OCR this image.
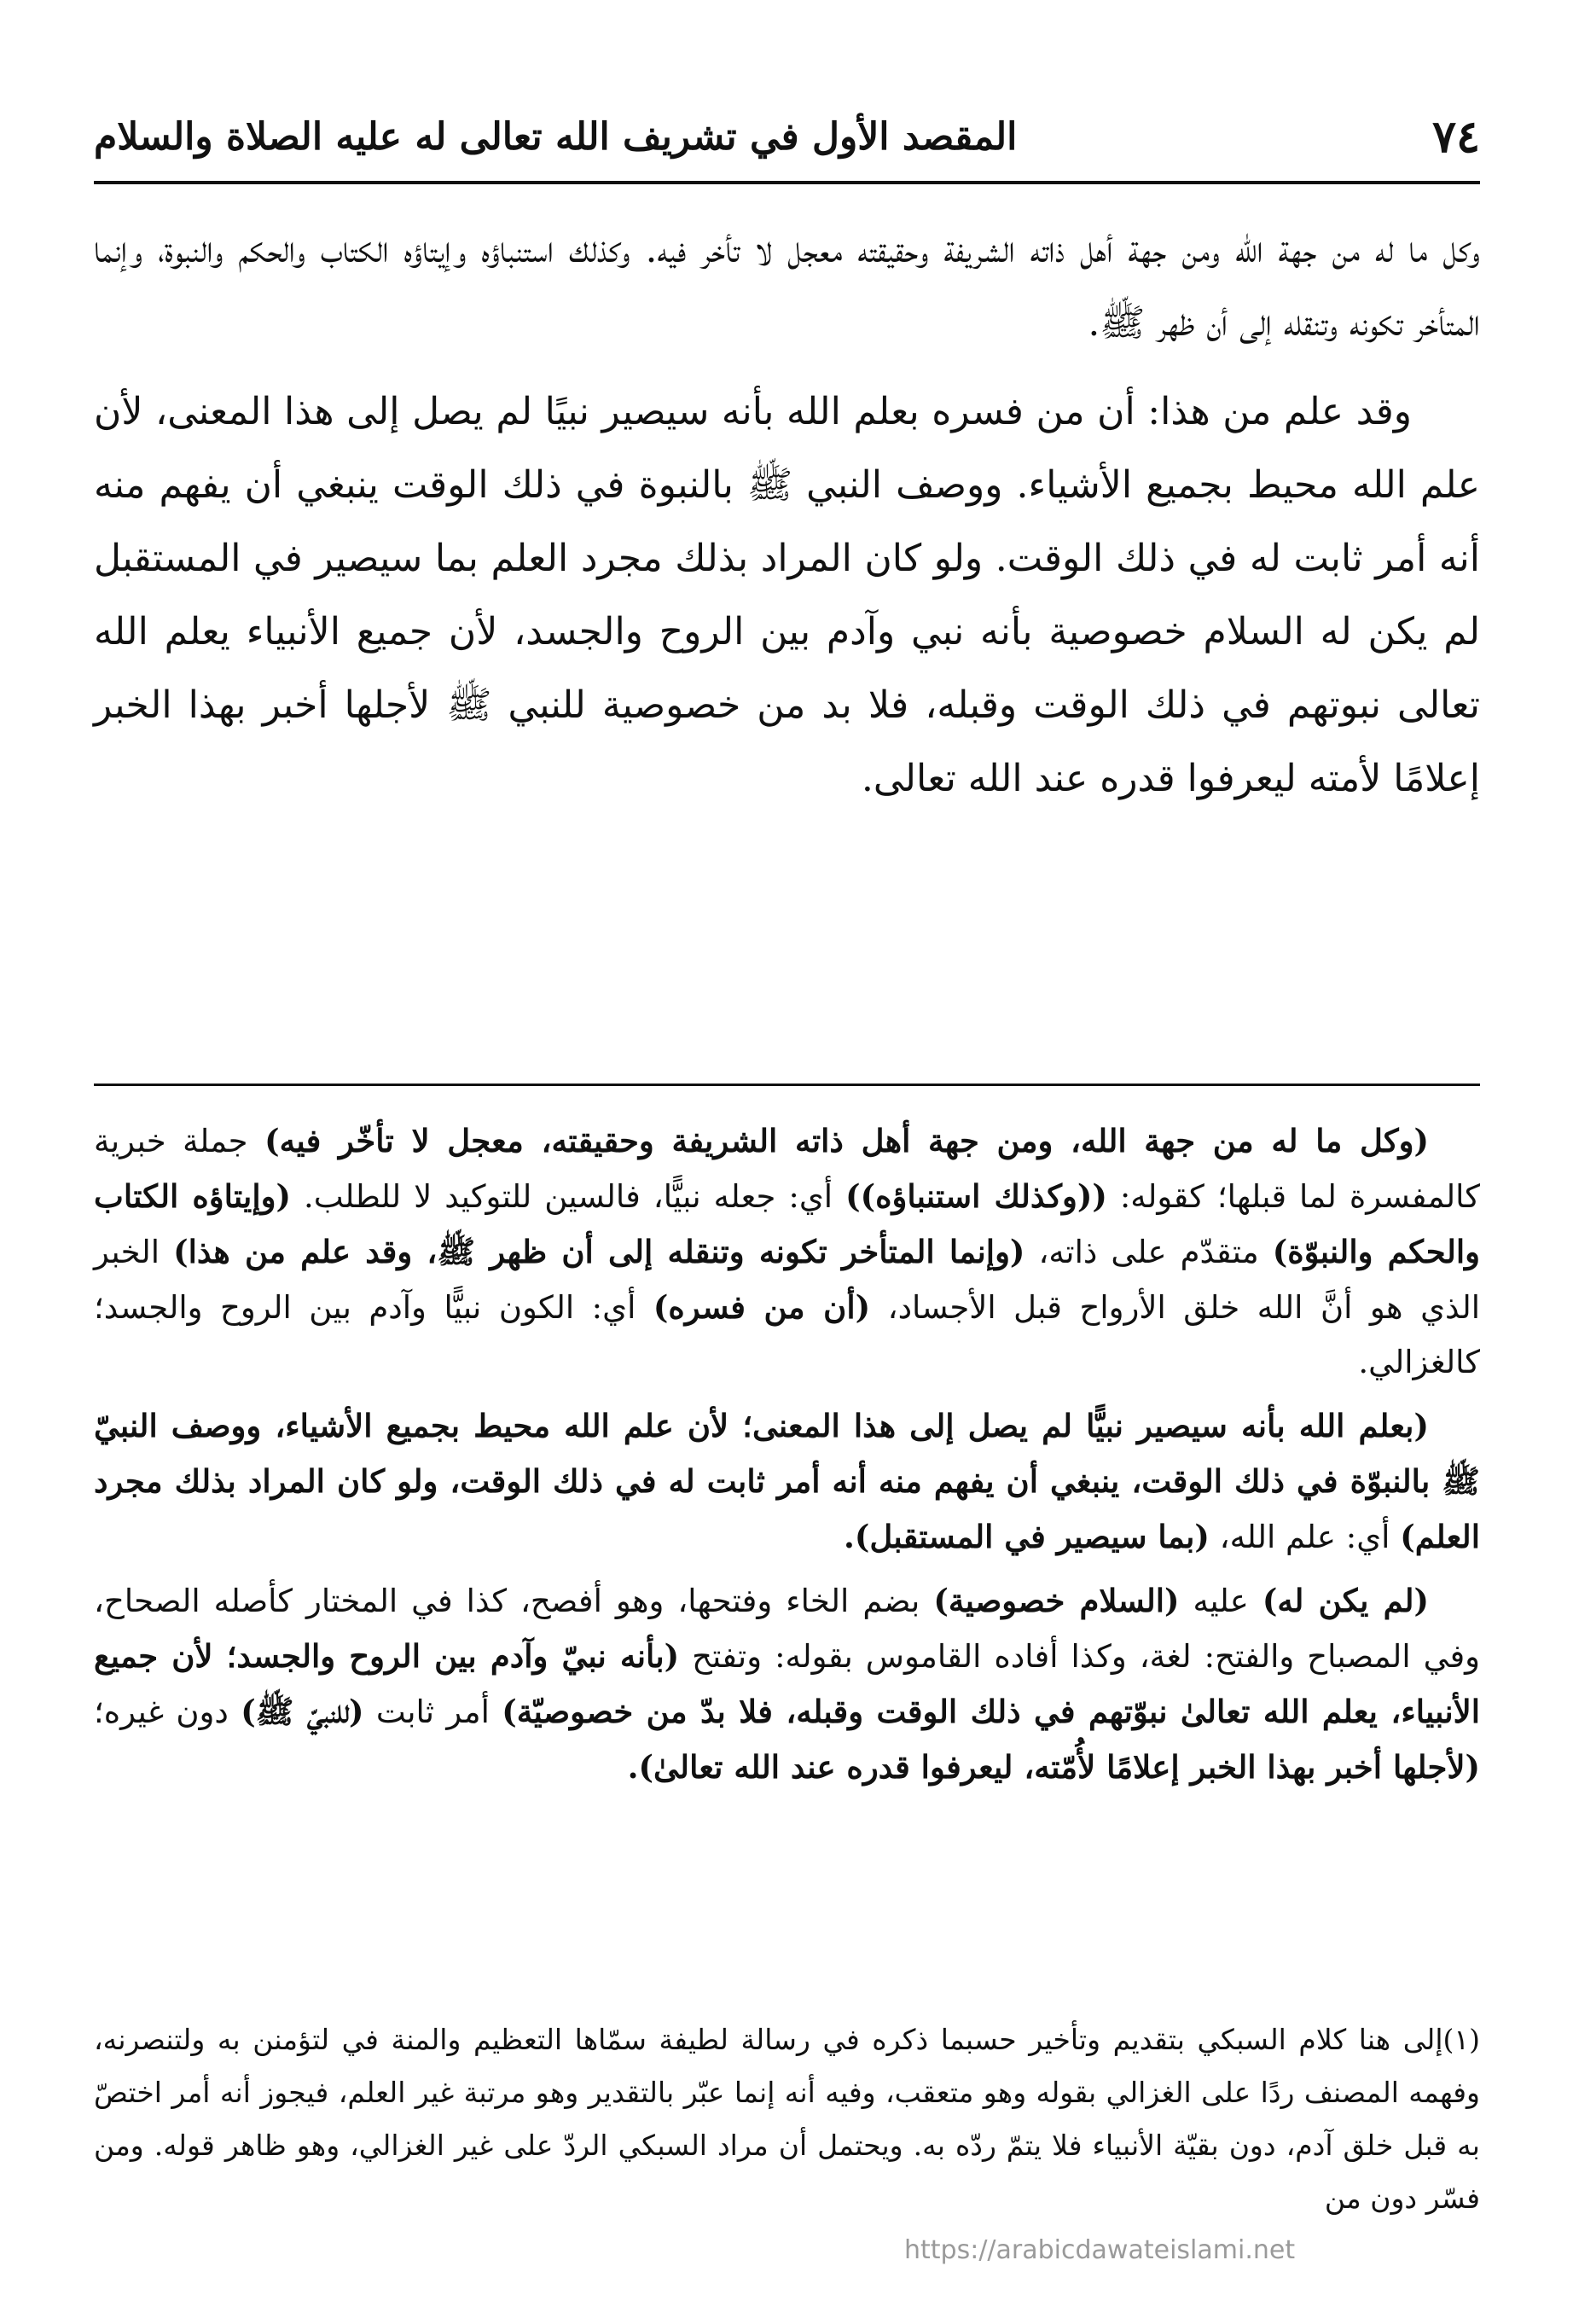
٧٤
المقصد الأول في تشريف الله تعالى له عليه الصلاة والسلام

وكل ما له من جهة الله ومن جهة أهل ذاته الشريفة وحقيقته معجل لا تأخر فيه. وكذلك استنباؤه وإيتاؤه الكتاب والحكم والنبوة، وإنما المتأخر تكونه وتنقله إلى أن ظهر ﷺ.

وقد علم من هذا: أن من فسره بعلم الله بأنه سيصير نبيًا لم يصل إلى هذا المعنى، لأن علم الله محيط بجميع الأشياء. ووصف النبي ﷺ بالنبوة في ذلك الوقت ينبغي أن يفهم منه أنه أمر ثابت له في ذلك الوقت. ولو كان المراد بذلك مجرد العلم بما سيصير في المستقبل لم يكن له السلام خصوصية بأنه نبي وآدم بين الروح والجسد، لأن جميع الأنبياء يعلم الله تعالى نبوتهم في ذلك الوقت وقبله، فلا بد من خصوصية للنبي ﷺ لأجلها أخبر بهذا الخبر إعلامًا لأمته ليعرفوا قدره عند الله تعالى.

(وكل ما له من جهة الله، ومن جهة أهل ذاته الشريفة وحقيقته، معجل لا تأخّر فيه) جملة خبرية كالمفسرة لما قبلها؛ كقوله: ((وكذلك استنباؤه)) أي: جعله نبيًّا، فالسين للتوكيد لا للطلب. (وإيتاؤه الكتاب والحكم والنبوّة) متقدّم على ذاته، (وإنما المتأخر تكونه وتنقله إلى أن ظهر ﷺ، وقد علم من هذا) الخبر الذي هو أنَّ الله خلق الأرواح قبل الأجساد، (أن من فسره) أي: الكون نبيًّا وآدم بين الروح والجسد؛ كالغزالي.

(بعلم الله بأنه سيصير نبيًّا لم يصل إلى هذا المعنى؛ لأن علم الله محيط بجميع الأشياء، ووصف النبيّ ﷺ بالنبوّة في ذلك الوقت، ينبغي أن يفهم منه أنه أمر ثابت له في ذلك الوقت، ولو كان المراد بذلك مجرد العلم) أي: علم الله، (بما سيصير في المستقبل).

(لم يكن له) عليه (السلام خصوصية) بضم الخاء وفتحها، وهو أفصح، كذا في المختار كأصله الصحاح، وفي المصباح والفتح: لغة، وكذا أفاده القاموس بقوله: وتفتح (بأنه نبيّ وآدم بين الروح والجسد؛ لأن جميع الأنبياء، يعلم الله تعالىٰ نبوّتهم في ذلك الوقت وقبله، فلا بدّ من خصوصيّة) أمر ثابت (للنبيّ ﷺ) دون غيره؛ (لأجلها أخبر بهذا الخبر إعلامًا لأُمّته، ليعرفوا قدره عند الله تعالىٰ).

(١)إلى هنا كلام السبكي بتقديم وتأخير حسبما ذكره في رسالة لطيفة سمّاها التعظيم والمنة في لتؤمنن به ولتنصرنه، وفهمه المصنف ردًا على الغزالي بقوله وهو متعقب، وفيه أنه إنما عبّر بالتقدير وهو مرتبة غير العلم، فيجوز أنه أمر اختصّ به قبل خلق آدم، دون بقيّة الأنبياء فلا يتمّ ردّه به. ويحتمل أن مراد السبكي الردّ على غير الغزالي، وهو ظاهر قوله. ومن فسّر دون من

https://arabicdawateislami.net
